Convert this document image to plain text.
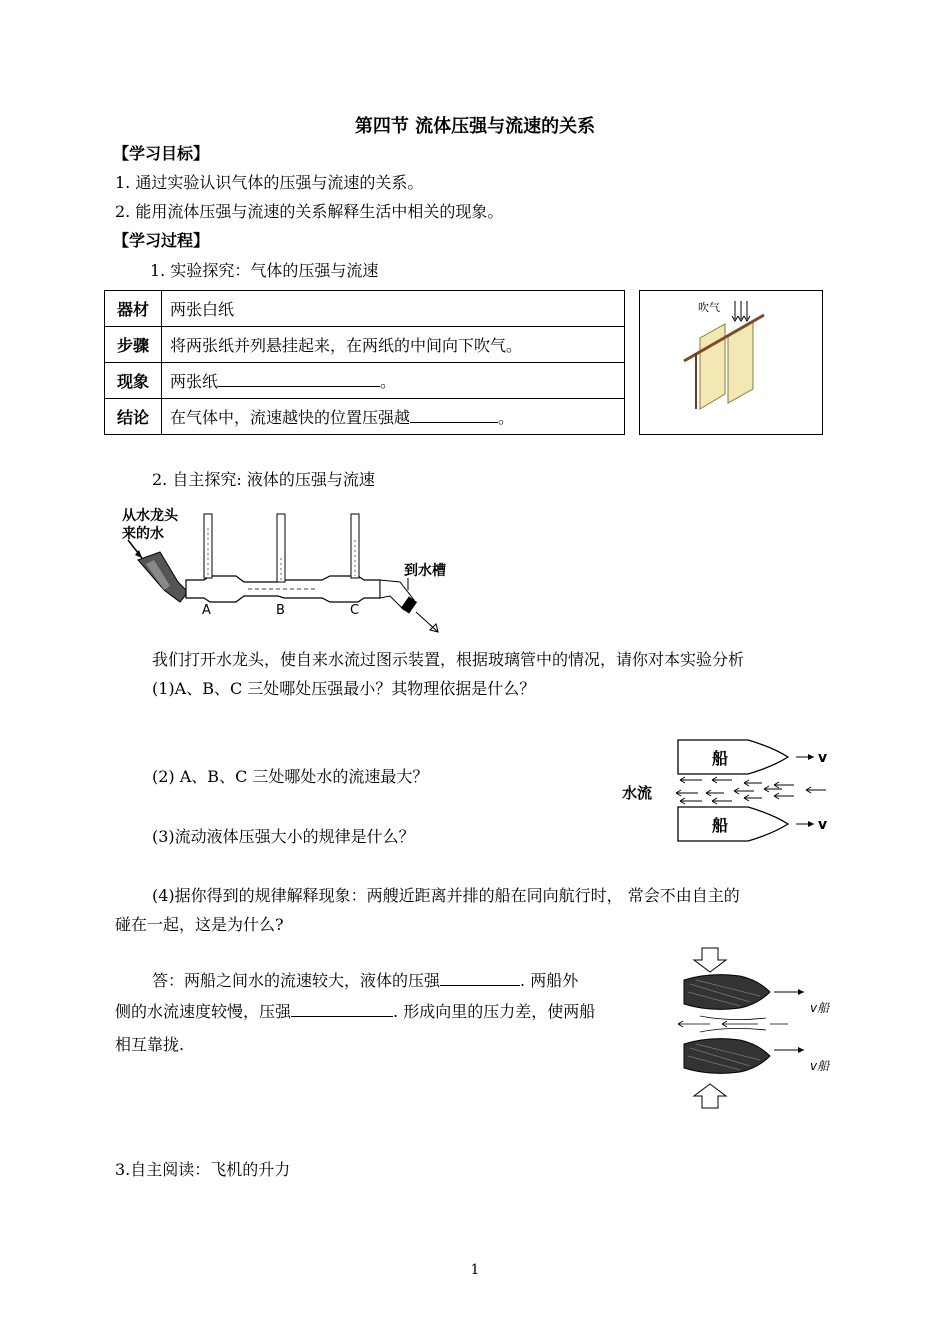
第四节 流体压强与流速的关系
【学习目标】
1. 通过实验认识气体的压强与流速的关系。
2. 能用流体压强与流速的关系解释生活中相关的现象。
【学习过程】
1. 实验探究：气体的压强与流速
器材	两张白纸
步骤	将两张纸并列悬挂起来，在两纸的中间向下吹气。
现象	两张纸 。
结论	在气体中，流速越快的位置压强越 。
吹气
2. 自主探究: 液体的压强与流速
从水龙头
来的水
到水槽
A	B	C
我们打开水龙头，使自来水流过图示装置，根据玻璃管中的情况，请你对本实验分析
(1)A、B、C 三处哪处压强最小？其物理依据是什么？
(2) A、B、C 三处哪处水的流速最大？
(3)流动液体压强大小的规律是什么？
船	v
船	v
水流
(4)据你得到的规律解释现象：两艘近距离并排的船在同向航行时， 常会不由自主的
碰在一起，这是为什么?
答：两船之间水的流速较大，液体的压强	. 两船外
侧的水流速度较慢，压强	. 形成向里的压力差，使两船
相互靠拢.
v船
v船
3.自主阅读：飞机的升力
1
